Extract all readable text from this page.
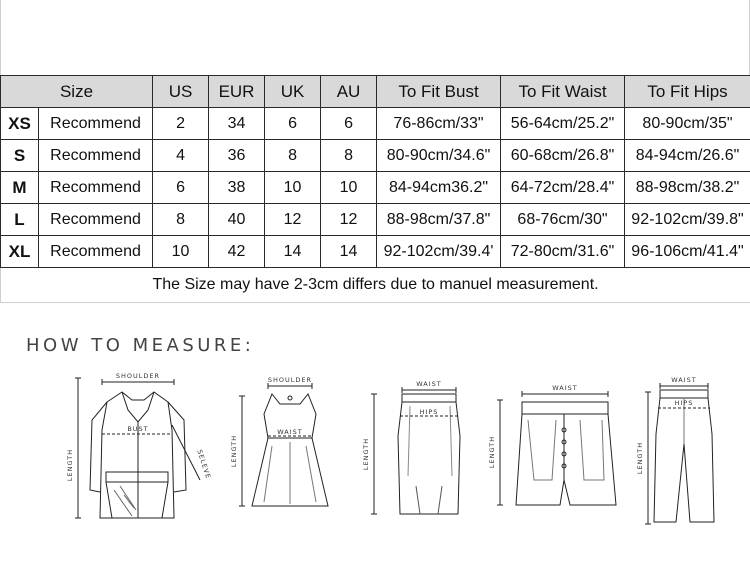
Size		US	EUR	UK	AU	To Fit Bust	To Fit Waist	To Fit Hips
XS	Recommend	2	34	6	6	76-86cm/33"	56-64cm/25.2"	80-90cm/35"
S	Recommend	4	36	8	8	80-90cm/34.6"	60-68cm/26.8"	84-94cm/26.6"
M	Recommend	6	38	10	10	84-94cm36.2"	64-72cm/28.4"	88-98cm/38.2"
L	Recommend	8	40	12	12	88-98cm/37.8"	68-76cm/30"	92-102cm/39.8"
XL	Recommend	10	42	14	14	92-102cm/39.4'	72-80cm/31.6"	96-106cm/41.4"
The Size may have 2-3cm differs due to manuel measurement.								
HOW TO MEASURE:
SHOULDER
BUST
LENGTH	SELEVE
SHOULDER
WAIST
LENGTH
WAIST
HIPS
LENGTH
WAIST
LENGTH
WAIST
HIPS
LENGTH
